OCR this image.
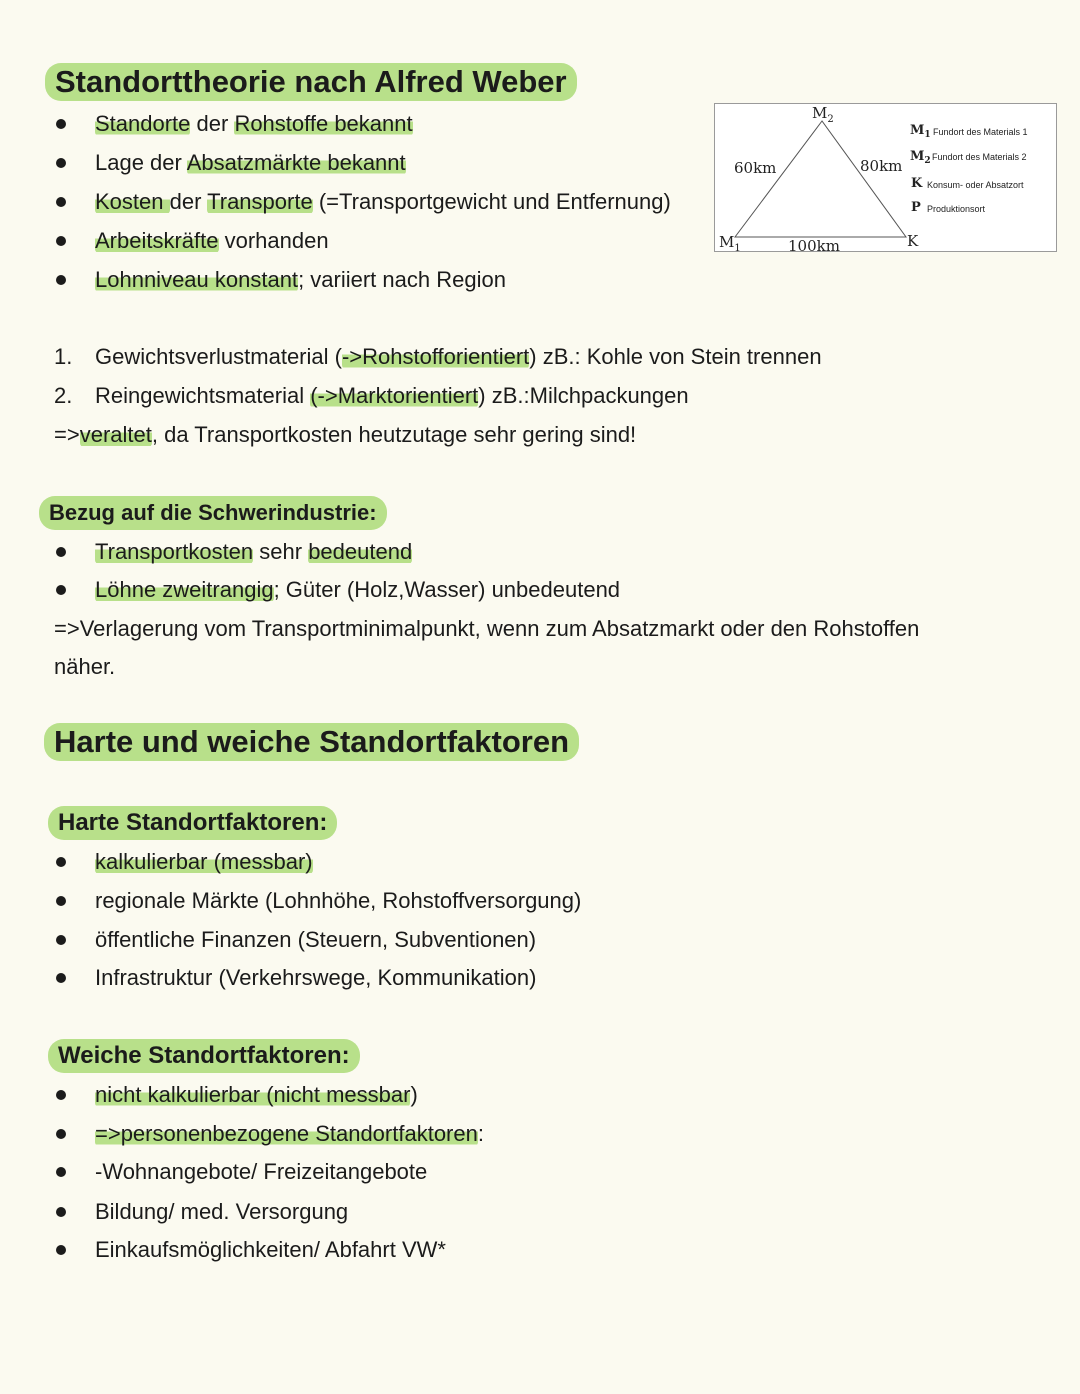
Standorttheorie nach Alfred Weber
Standorte der Rohstoffe bekannt
Lage der Absatzmärkte bekannt
Kosten der Transporte (=Transportgewicht und Entfernung)
Arbeitskräfte vorhanden
Lohnniveau konstant; variiert nach Region
$M_2$
$M_1$	K
60km	80km
100km
$M_1$ Fundort des Materials 1
$M_2$ Fundort des Materials 2
K Konsum- oder Absatzort
P Produktionsort
1. Gewichtsverlustmaterial (->Rohstofforientiert) zB.: Kohle von Stein trennen
2. Reingewichtsmaterial (->Marktorientiert) zB.:Milchpackungen
=>veraltet, da Transportkosten heutzutage sehr gering sind!
Bezug auf die Schwerindustrie:
Transportkosten sehr bedeutend
Löhne zweitrangig; Güter (Holz,Wasser) unbedeutend
=>Verlagerung vom Transportminimalpunkt, wenn zum Absatzmarkt oder den Rohstoffen
näher.
Harte und weiche Standortfaktoren
Harte Standortfaktoren:
kalkulierbar (messbar)
regionale Märkte (Lohnhöhe, Rohstoffversorgung)
öffentliche Finanzen (Steuern, Subventionen)
Infrastruktur (Verkehrswege, Kommunikation)
Weiche Standortfaktoren:
nicht kalkulierbar (nicht messbar)
=>personenbezogene Standortfaktoren:
-Wohnangebote/ Freizeitangebote
Bildung/ med. Versorgung
Einkaufsmöglichkeiten/ Abfahrt VW*
